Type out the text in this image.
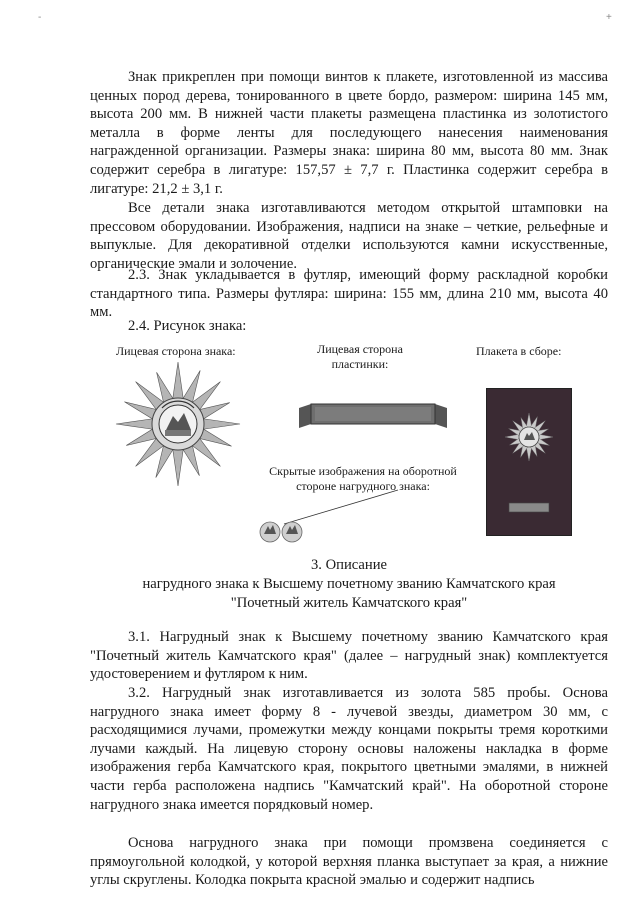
-	+

Знак прикреплен при помощи винтов к плакете, изготовленной из массива ценных пород дерева, тонированного в цвете бордо, размером: ширина 145 мм, высота 200 мм. В нижней части плакеты размещена пластинка из золотистого металла в форме ленты для последующего нанесения наименования награжденной организации. Размеры знака: ширина 80 мм, высота 80 мм. Знак содержит серебра в лигатуре: 157,57 ± 7,7 г. Пластинка содержит серебра в лигатуре: 21,2 ± 3,1 г.

Все детали знака изготавливаются методом открытой штамповки на прессовом оборудовании. Изображения, надписи на знаке – четкие, рельефные и выпуклые. Для декоративной отделки используются камни искусственные, органические эмали и золочение.

2.3. Знак укладывается в футляр, имеющий форму раскладной коробки стандартного типа. Размеры футляра: ширина: 155 мм, длина 210 мм, высота 40 мм.

2.4. Рисунок знака:

Лицевая сторона знака:	Лицевая сторона пластинки:
Плакета в сборе:
Скрытые изображения на оборотной стороне нагрудного знака:
3. Описание
нагрудного знака к Высшему почетному званию Камчатского края
"Почетный житель Камчатского края"

3.1. Нагрудный знак к Высшему почетному званию Камчатского края "Почетный житель Камчатского края" (далее – нагрудный знак) комплектуется удостоверением и футляром к ним.

3.2. Нагрудный знак изготавливается из золота 585 пробы. Основа нагрудного знака имеет форму 8 - лучевой звезды, диаметром 30 мм, с расходящимися лучами, промежутки между концами покрыты тремя короткими лучами каждый. На лицевую сторону основы наложены накладка в форме изображения герба Камчатского края, покрытого цветными эмалями, в нижней части герба расположена надпись "Камчатский край". На оборотной стороне нагрудного знака имеется порядковый номер.

Основа нагрудного знака при помощи промзвена соединяется с прямоугольной колодкой, у которой верхняя планка выступает за края, а нижние углы скруглены. Колодка покрыта красной эмалью и содержит надпись
